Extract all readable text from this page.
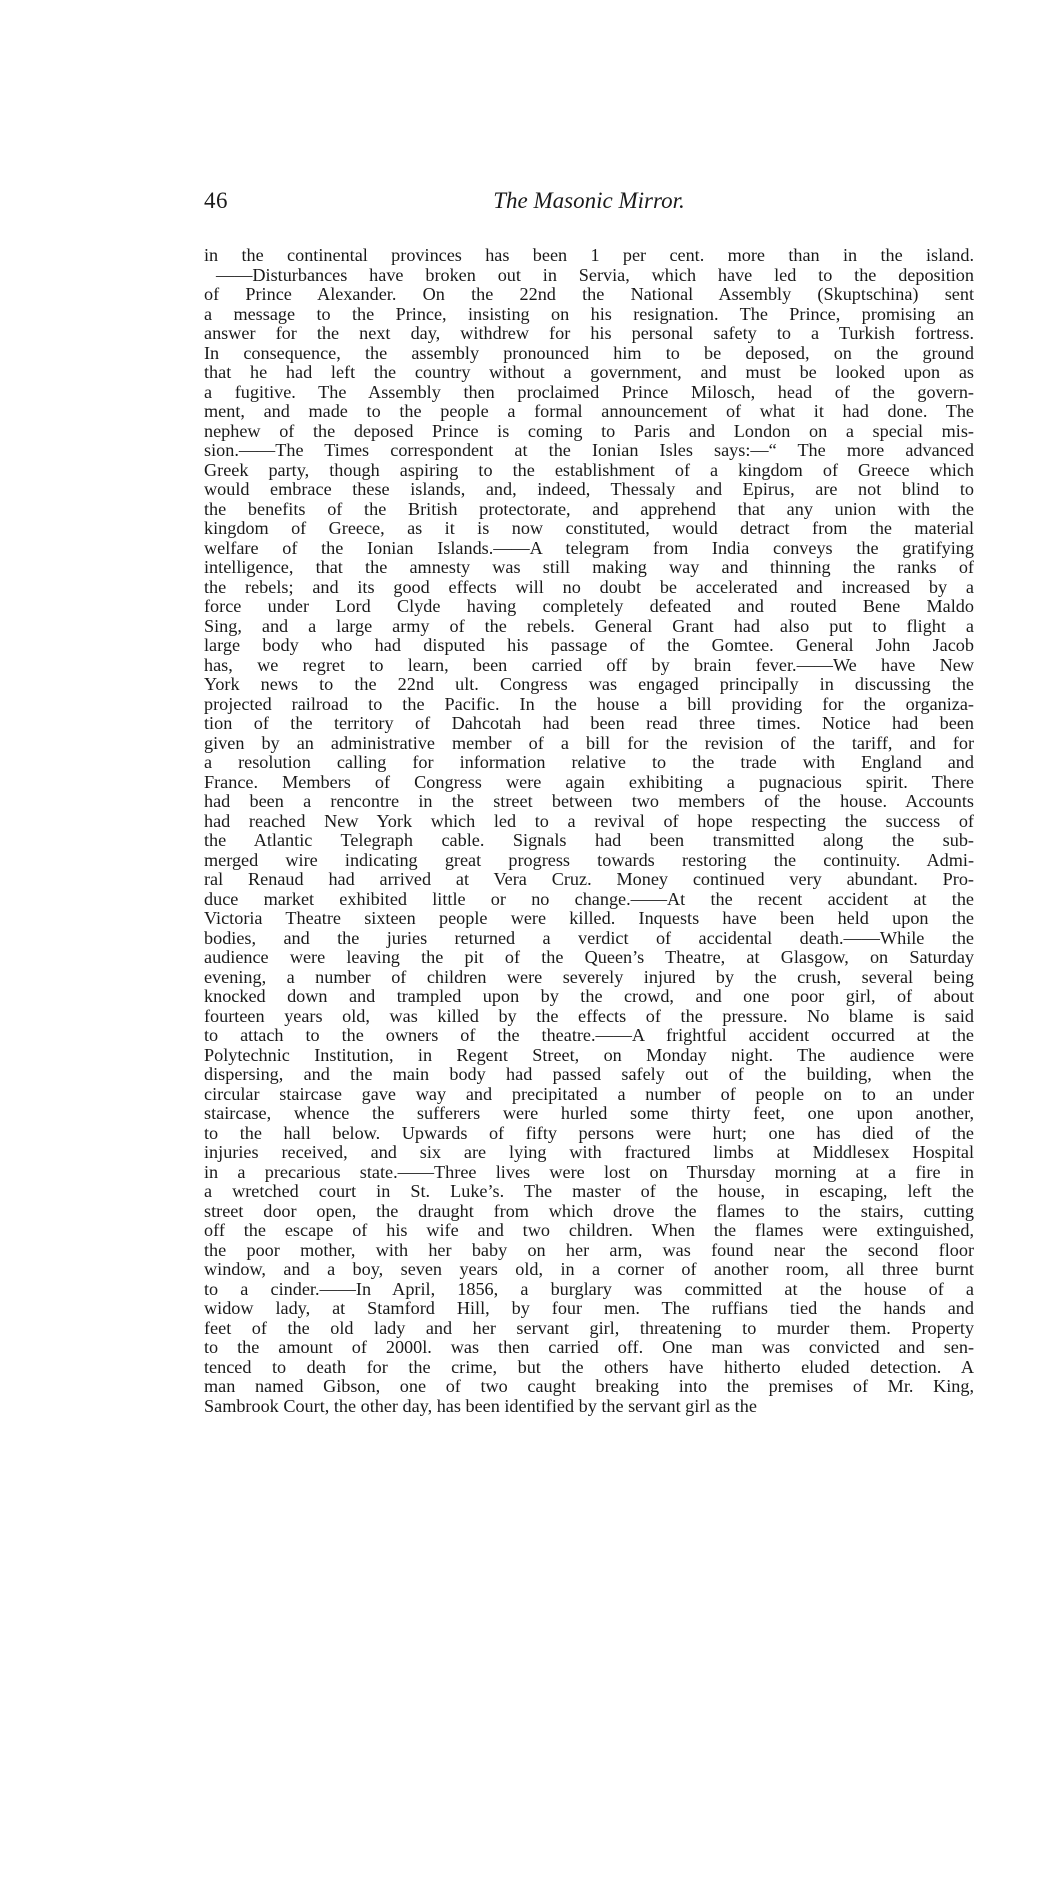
46	The Masonic Mirror.
in the continental provinces has been 1 per cent. more than in the island.
——Disturbances have broken out in Servia, which have led to the deposition
of Prince Alexander. On the 22nd the National Assembly (Skuptschina) sent
a message to the Prince, insisting on his resignation. The Prince, promising an
answer for the next day, withdrew for his personal safety to a Turkish fortress.
In consequence, the assembly pronounced him to be deposed, on the ground
that he had left the country without a government, and must be looked upon as
a fugitive. The Assembly then proclaimed Prince Milosch, head of the govern-
ment, and made to the people a formal announcement of what it had done. The
nephew of the deposed Prince is coming to Paris and London on a special mis-
sion.——The Times correspondent at the Ionian Isles says:—“ The more advanced
Greek party, though aspiring to the establishment of a kingdom of Greece which
would embrace these islands, and, indeed, Thessaly and Epirus, are not blind to
the benefits of the British protectorate, and apprehend that any union with the
kingdom of Greece, as it is now constituted, would detract from the material
welfare of the Ionian Islands.——A telegram from India conveys the gratifying
intelligence, that the amnesty was still making way and thinning the ranks of
the rebels; and its good effects will no doubt be accelerated and increased by a
force under Lord Clyde having completely defeated and routed Bene Maldo
Sing, and a large army of the rebels. General Grant had also put to flight a
large body who had disputed his passage of the Gomtee. General John Jacob
has, we regret to learn, been carried off by brain fever.——We have New
York news to the 22nd ult. Congress was engaged principally in discussing the
projected railroad to the Pacific. In the house a bill providing for the organiza-
tion of the territory of Dahcotah had been read three times. Notice had been
given by an administrative member of a bill for the revision of the tariff, and for
a resolution calling for information relative to the trade with England and
France. Members of Congress were again exhibiting a pugnacious spirit. There
had been a rencontre in the street between two members of the house. Accounts
had reached New York which led to a revival of hope respecting the success of
the Atlantic Telegraph cable. Signals had been transmitted along the sub-
merged wire indicating great progress towards restoring the continuity. Admi-
ral Renaud had arrived at Vera Cruz. Money continued very abundant. Pro-
duce market exhibited little or no change.——At the recent accident at the
Victoria Theatre sixteen people were killed. Inquests have been held upon the
bodies, and the juries returned a verdict of accidental death.——While the
audience were leaving the pit of the Queen’s Theatre, at Glasgow, on Saturday
evening, a number of children were severely injured by the crush, several being
knocked down and trampled upon by the crowd, and one poor girl, of about
fourteen years old, was killed by the effects of the pressure. No blame is said
to attach to the owners of the theatre.——A frightful accident occurred at the
Polytechnic Institution, in Regent Street, on Monday night. The audience were
dispersing, and the main body had passed safely out of the building, when the
circular staircase gave way and precipitated a number of people on to an under
staircase, whence the sufferers were hurled some thirty feet, one upon another,
to the hall below. Upwards of fifty persons were hurt; one has died of the
injuries received, and six are lying with fractured limbs at Middlesex Hospital
in a precarious state.——Three lives were lost on Thursday morning at a fire in
a wretched court in St. Luke’s. The master of the house, in escaping, left the
street door open, the draught from which drove the flames to the stairs, cutting
off the escape of his wife and two children. When the flames were extinguished,
the poor mother, with her baby on her arm, was found near the second floor
window, and a boy, seven years old, in a corner of another room, all three burnt
to a cinder.——In April, 1856, a burglary was committed at the house of a
widow lady, at Stamford Hill, by four men. The ruffians tied the hands and
feet of the old lady and her servant girl, threatening to murder them. Property
to the amount of 2000l. was then carried off. One man was convicted and sen-
tenced to death for the crime, but the others have hitherto eluded detection. A
man named Gibson, one of two caught breaking into the premises of Mr. King,
Sambrook Court, the other day, has been identified by the servant girl as the
